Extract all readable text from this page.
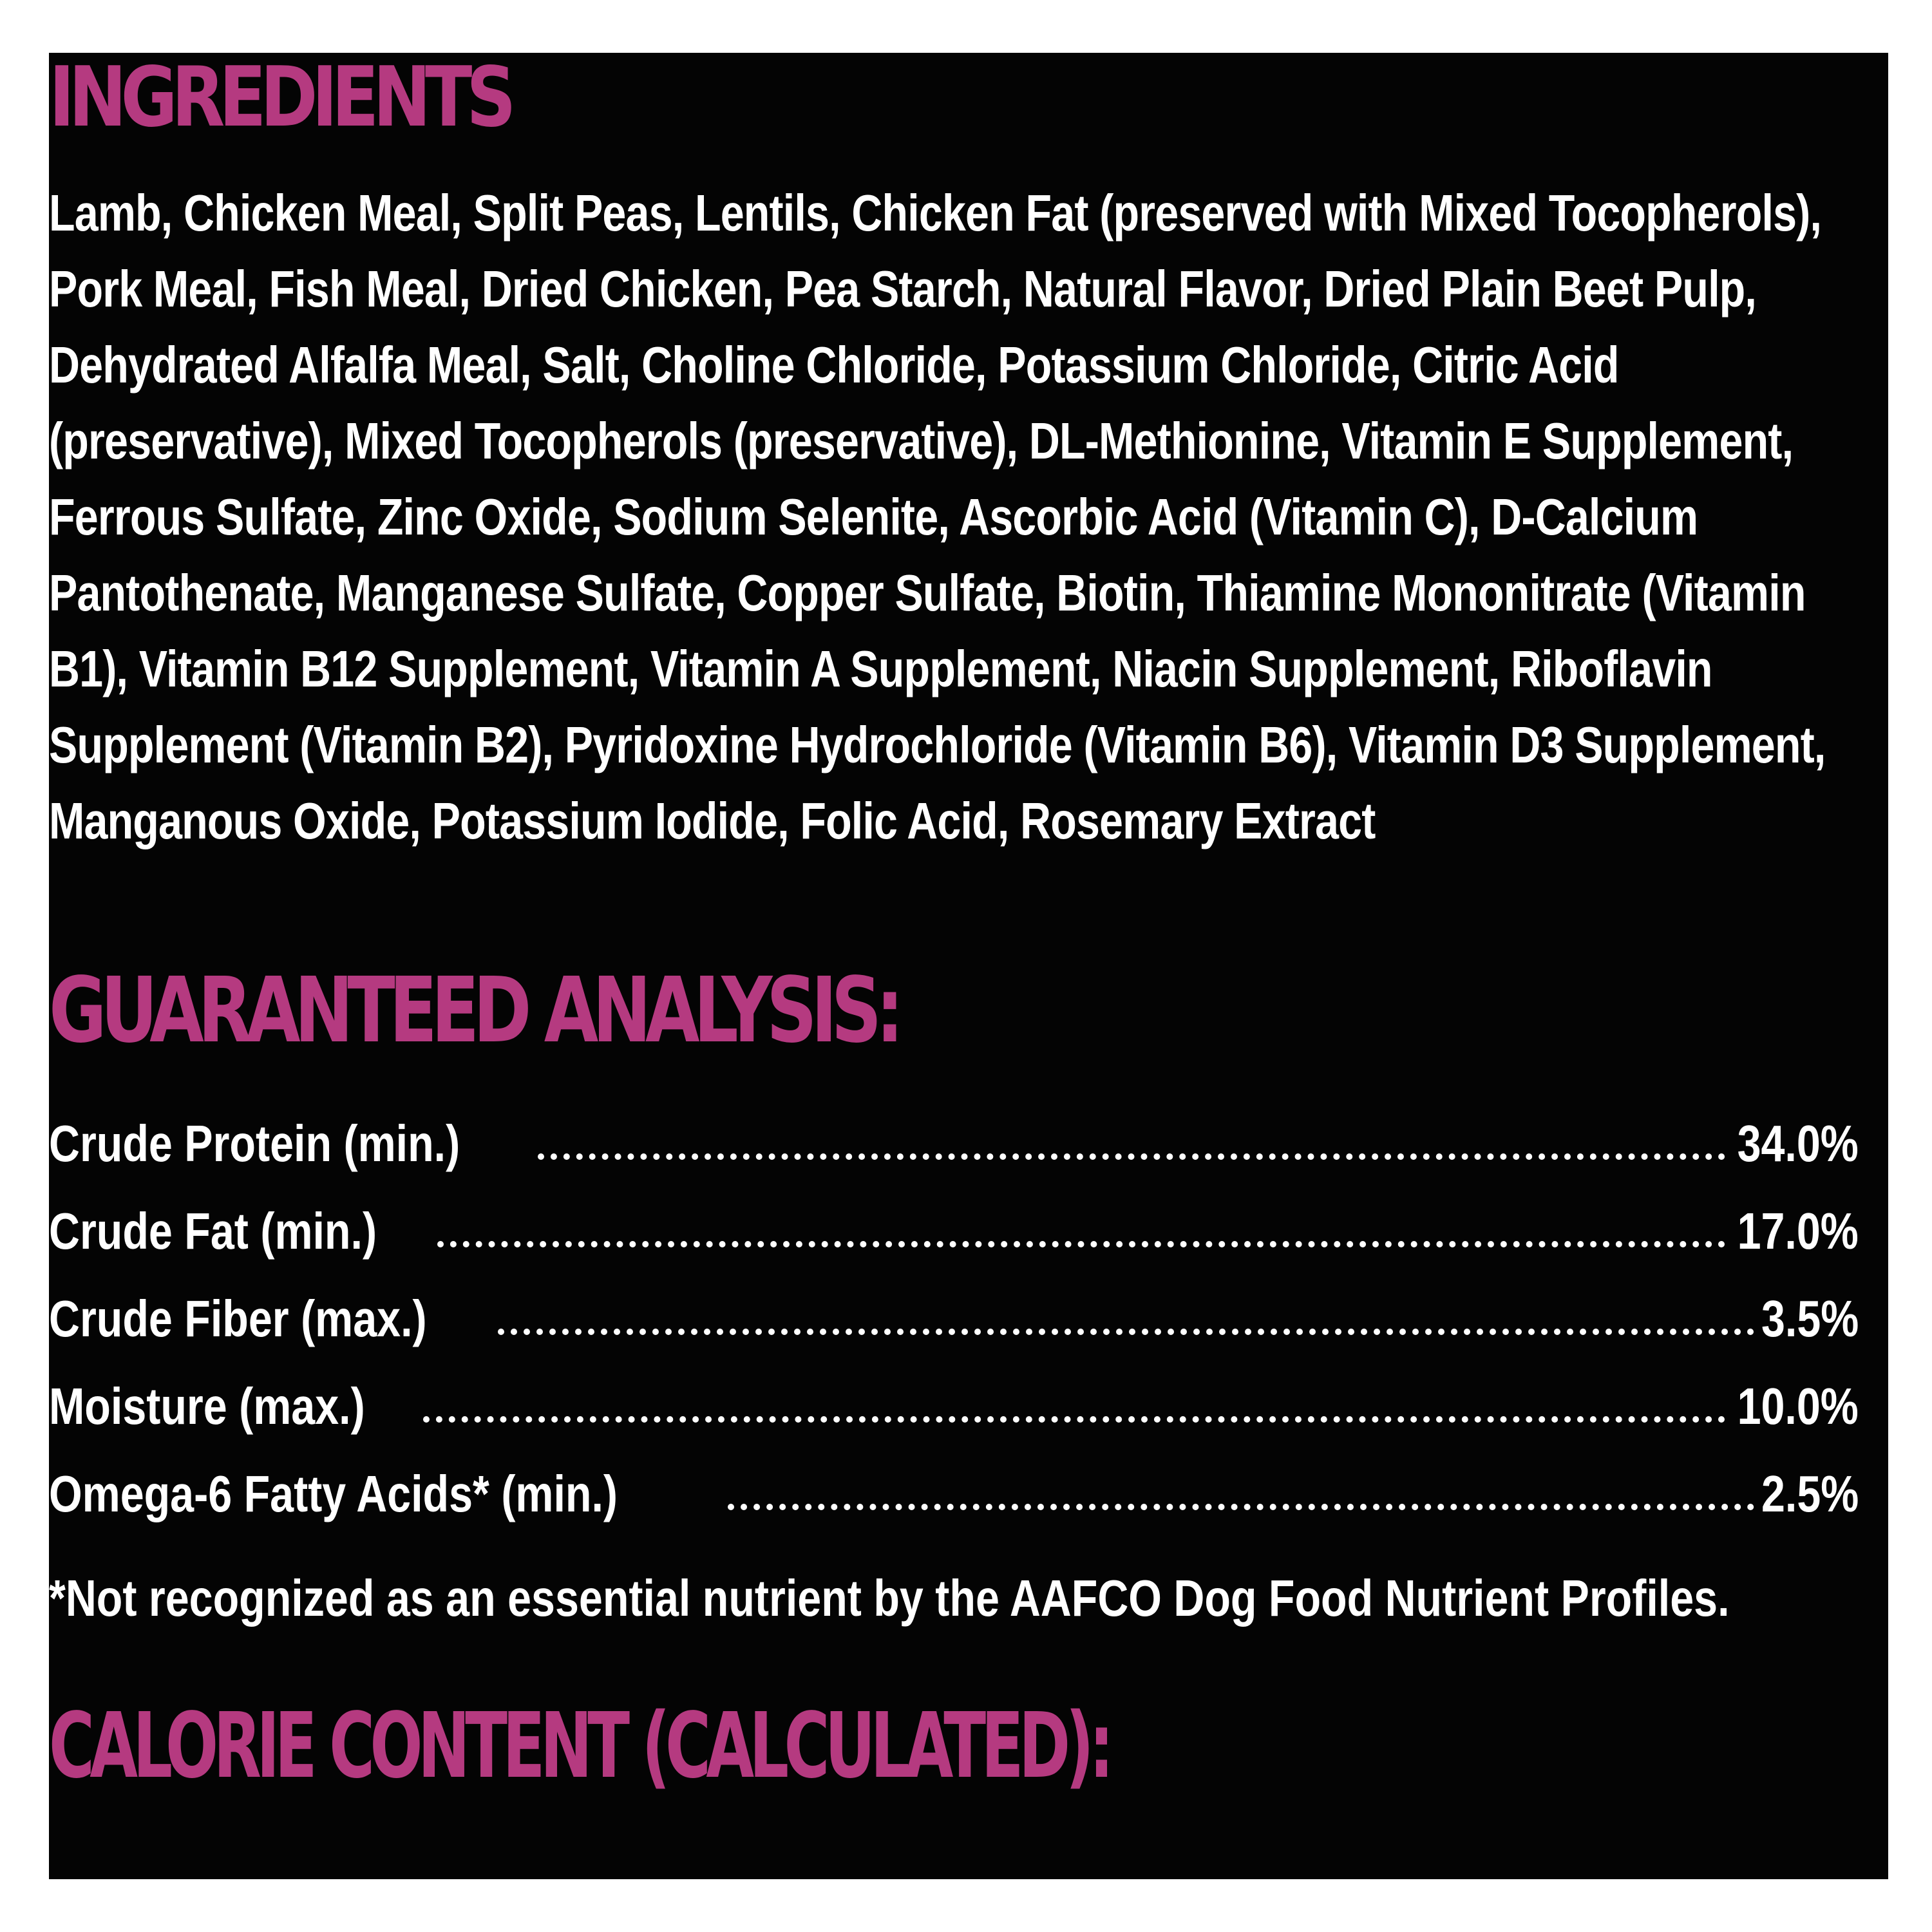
INGREDIENTS

Lamb, Chicken Meal, Split Peas, Lentils, Chicken Fat (preserved with Mixed Tocopherols), Pork Meal, Fish Meal, Dried Chicken, Pea Starch, Natural Flavor, Dried Plain Beet Pulp, Dehydrated Alfalfa Meal, Salt, Choline Chloride, Potassium Chloride, Citric Acid (preservative), Mixed Tocopherols (preservative), DL-Methionine, Vitamin E Supplement, Ferrous Sulfate, Zinc Oxide, Sodium Selenite, Ascorbic Acid (Vitamin C), D-Calcium Pantothenate, Manganese Sulfate, Copper Sulfate, Biotin, Thiamine Mononitrate (Vitamin B1), Vitamin B12 Supplement, Vitamin A Supplement, Niacin Supplement, Riboflavin Supplement (Vitamin B2), Pyridoxine Hydrochloride (Vitamin B6), Vitamin D3 Supplement, Manganous Oxide, Potassium Iodide, Folic Acid, Rosemary Extract

GUARANTEED ANALYSIS:
Crude Protein (min.)	34.0%
Crude Fat (min.)	17.0%
Crude Fiber (max.)	3.5%
Moisture (max.)	10.0%
Omega-6 Fatty Acids* (min.)	2.5%

*Not recognized as an essential nutrient by the AAFCO Dog Food Nutrient Profiles.

CALORIE CONTENT (CALCULATED):

3759 kcal ME/kg, 454 kcal ME/cup
